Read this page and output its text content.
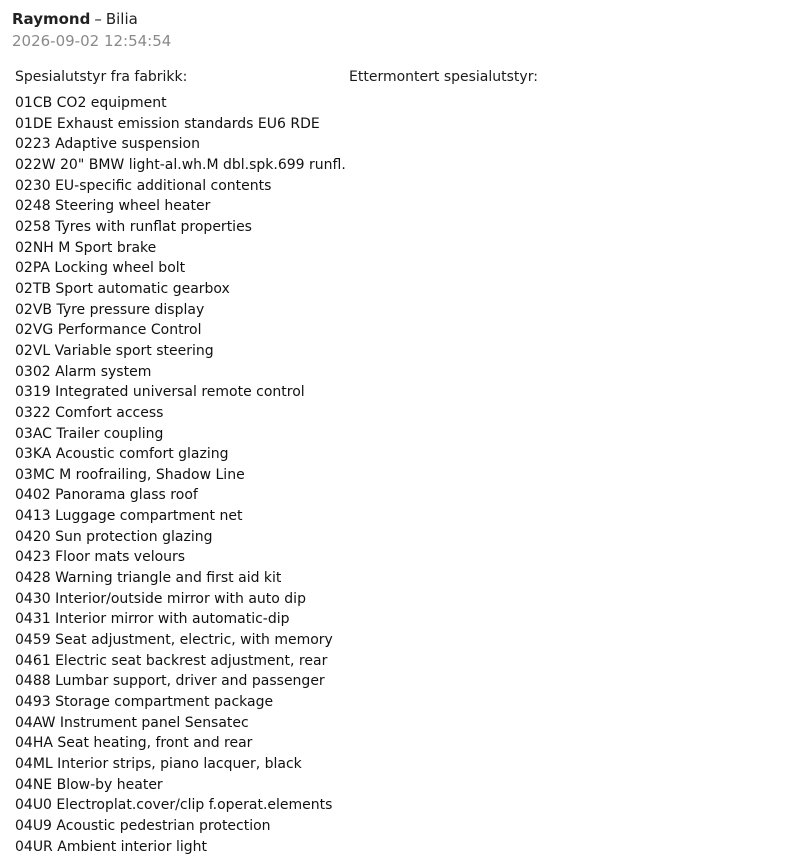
Raymond – Bilia
2026-09-02 12:54:54
Spesialutstyr fra fabrikk:
01CB CO2 equipment
01DE Exhaust emission standards EU6 RDE
0223 Adaptive suspension
022W 20" BMW light-al.wh.M dbl.spk.699 runfl.
0230 EU-specific additional contents
0248 Steering wheel heater
0258 Tyres with runflat properties
02NH M Sport brake
02PA Locking wheel bolt
02TB Sport automatic gearbox
02VB Tyre pressure display
02VG Performance Control
02VL Variable sport steering
0302 Alarm system
0319 Integrated universal remote control
0322 Comfort access
03AC Trailer coupling
03KA Acoustic comfort glazing
03MC M roofrailing, Shadow Line
0402 Panorama glass roof
0413 Luggage compartment net
0420 Sun protection glazing
0423 Floor mats velours
0428 Warning triangle and first aid kit
0430 Interior/outside mirror with auto dip
0431 Interior mirror with automatic-dip
0459 Seat adjustment, electric, with memory
0461 Electric seat backrest adjustment, rear
0488 Lumbar support, driver and passenger
0493 Storage compartment package
04AW Instrument panel Sensatec
04HA Seat heating, front and rear
04ML Interior strips, piano lacquer, black
04NE Blow-by heater
04U0 Electroplat.cover/clip f.operat.elements
04U9 Acoustic pedestrian protection
04UR Ambient interior light
Ettermontert spesialutstyr:
